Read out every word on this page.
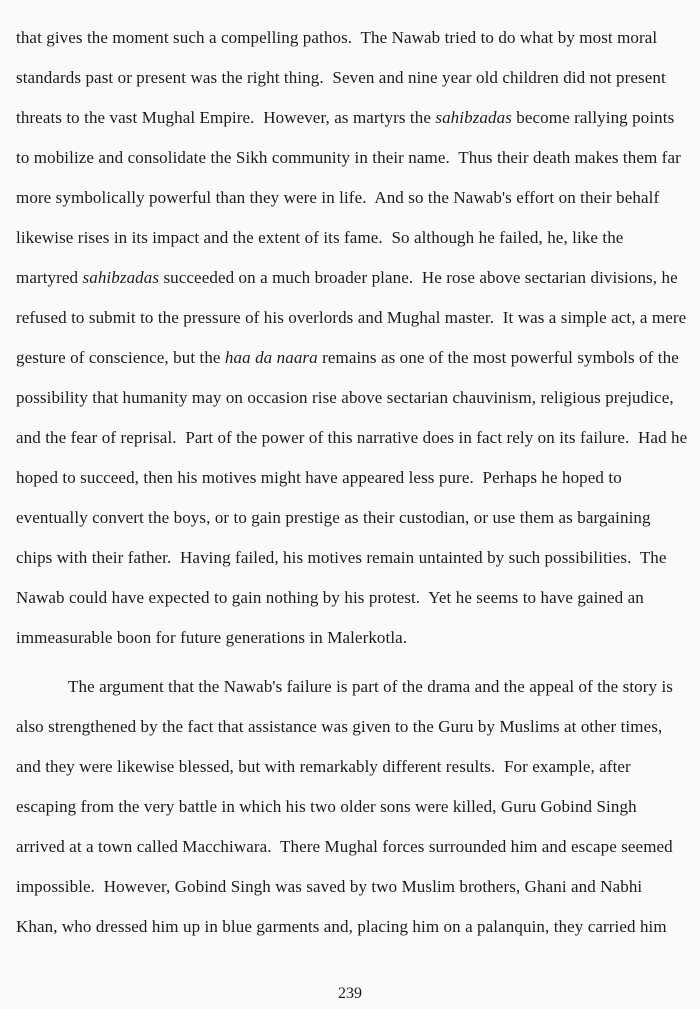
that gives the moment such a compelling pathos.  The Nawab tried to do what by most moral
standards past or present was the right thing.  Seven and nine year old children did not present
threats to the vast Mughal Empire.  However, as martyrs the sahibzadas become rallying points
to mobilize and consolidate the Sikh community in their name.  Thus their death makes them far
more symbolically powerful than they were in life.  And so the Nawab's effort on their behalf
likewise rises in its impact and the extent of its fame.  So although he failed, he, like the
martyred sahibzadas succeeded on a much broader plane.  He rose above sectarian divisions, he
refused to submit to the pressure of his overlords and Mughal master.  It was a simple act, a mere
gesture of conscience, but the haa da naara remains as one of the most powerful symbols of the
possibility that humanity may on occasion rise above sectarian chauvinism, religious prejudice,
and the fear of reprisal.  Part of the power of this narrative does in fact rely on its failure.  Had he
hoped to succeed, then his motives might have appeared less pure.  Perhaps he hoped to
eventually convert the boys, or to gain prestige as their custodian, or use them as bargaining
chips with their father.  Having failed, his motives remain untainted by such possibilities.  The
Nawab could have expected to gain nothing by his protest.  Yet he seems to have gained an
immeasurable boon for future generations in Malerkotla.
The argument that the Nawab's failure is part of the drama and the appeal of the story is
also strengthened by the fact that assistance was given to the Guru by Muslims at other times,
and they were likewise blessed, but with remarkably different results.  For example, after
escaping from the very battle in which his two older sons were killed, Guru Gobind Singh
arrived at a town called Macchiwara.  There Mughal forces surrounded him and escape seemed
impossible.  However, Gobind Singh was saved by two Muslim brothers, Ghani and Nabhi
Khan, who dressed him up in blue garments and, placing him on a palanquin, they carried him
239
